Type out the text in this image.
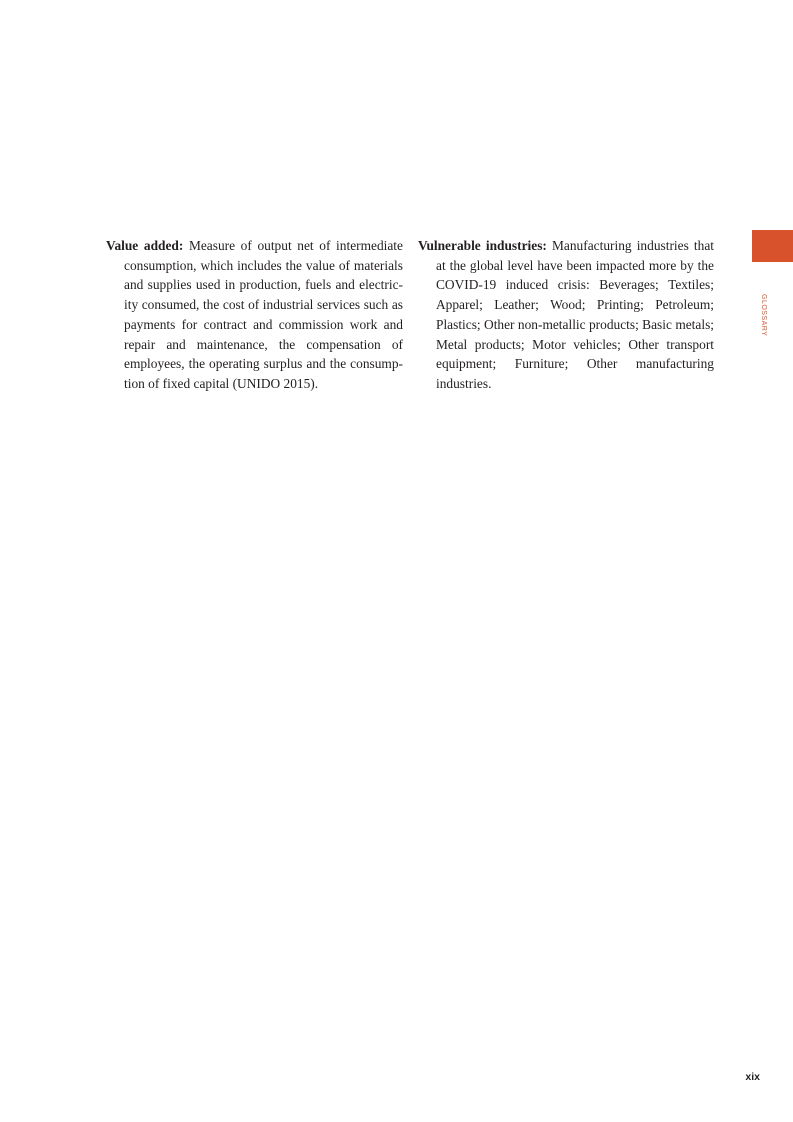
Value added: Measure of output net of intermediate consumption, which includes the value of materials and supplies used in production, fuels and electricity consumed, the cost of industrial services such as payments for contract and commission work and repair and maintenance, the compensation of employees, the operating surplus and the consumption of fixed capital (UNIDO 2015).
Vulnerable industries: Manufacturing industries that at the global level have been impacted more by the COVID-19 induced crisis: Beverages; Textiles; Apparel; Leather; Wood; Printing; Petroleum; Plastics; Other non-metallic products; Basic metals; Metal products; Motor vehicles; Other transport equipment; Furniture; Other manufacturing industries.
GLOSSARY
xix
